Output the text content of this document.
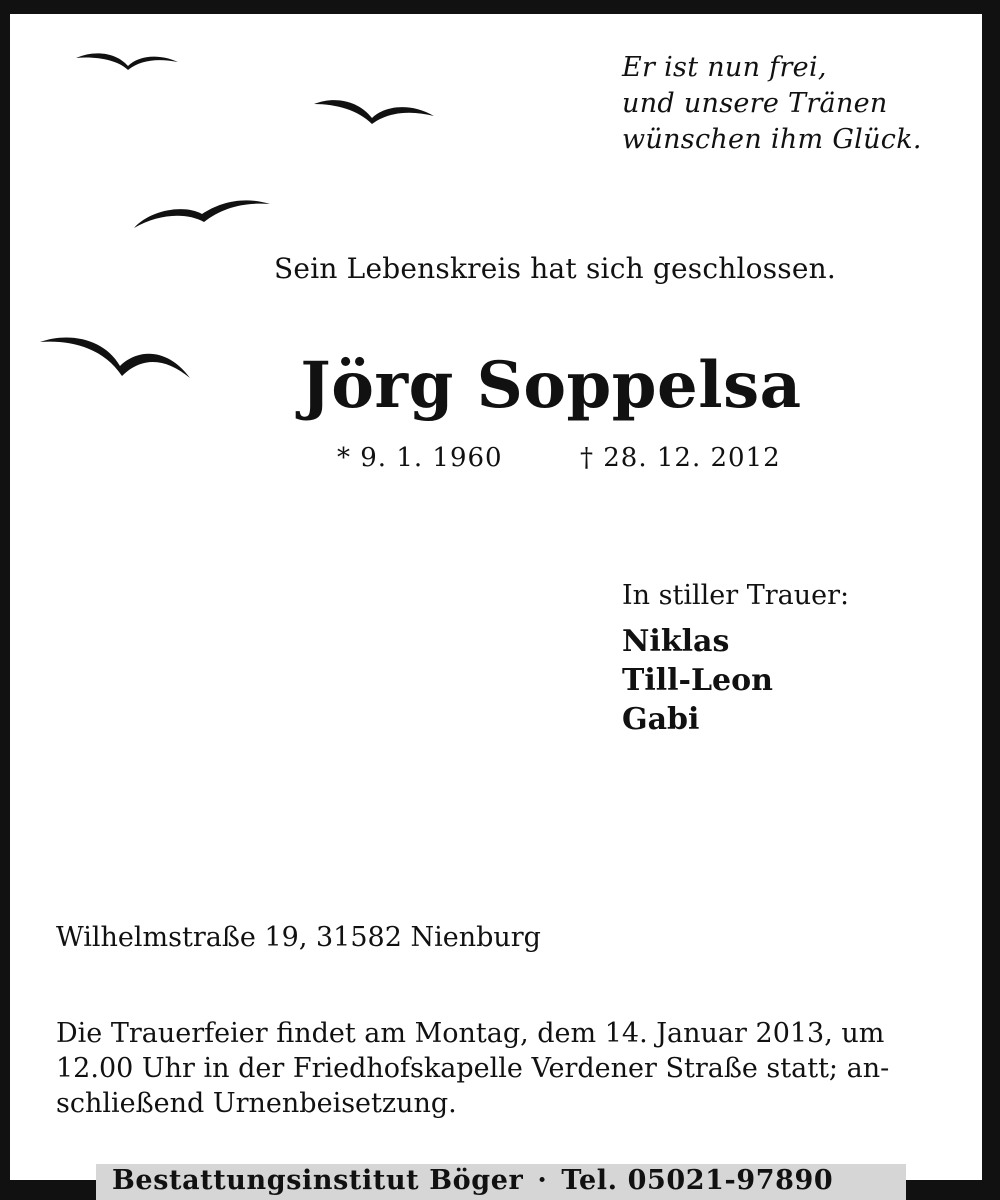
Er ist nun frei,
und unsere Tränen
wünschen ihm Glück.
Sein Lebenskreis hat sich geschlossen.
Jörg Soppelsa
* 9. 1. 1960	† 28. 12. 2012
In stiller Trauer:
Niklas
Till-Leon
Gabi
Wilhelmstraße 19, 31582 Nienburg
Die Trauerfeier findet am Montag, dem 14. Januar 2013, um
12.00 Uhr in der Friedhofskapelle Verdener Straße statt; an-
schließend Urnenbeisetzung.
Bestattungsinstitut Böger · Tel. 05021-97890
